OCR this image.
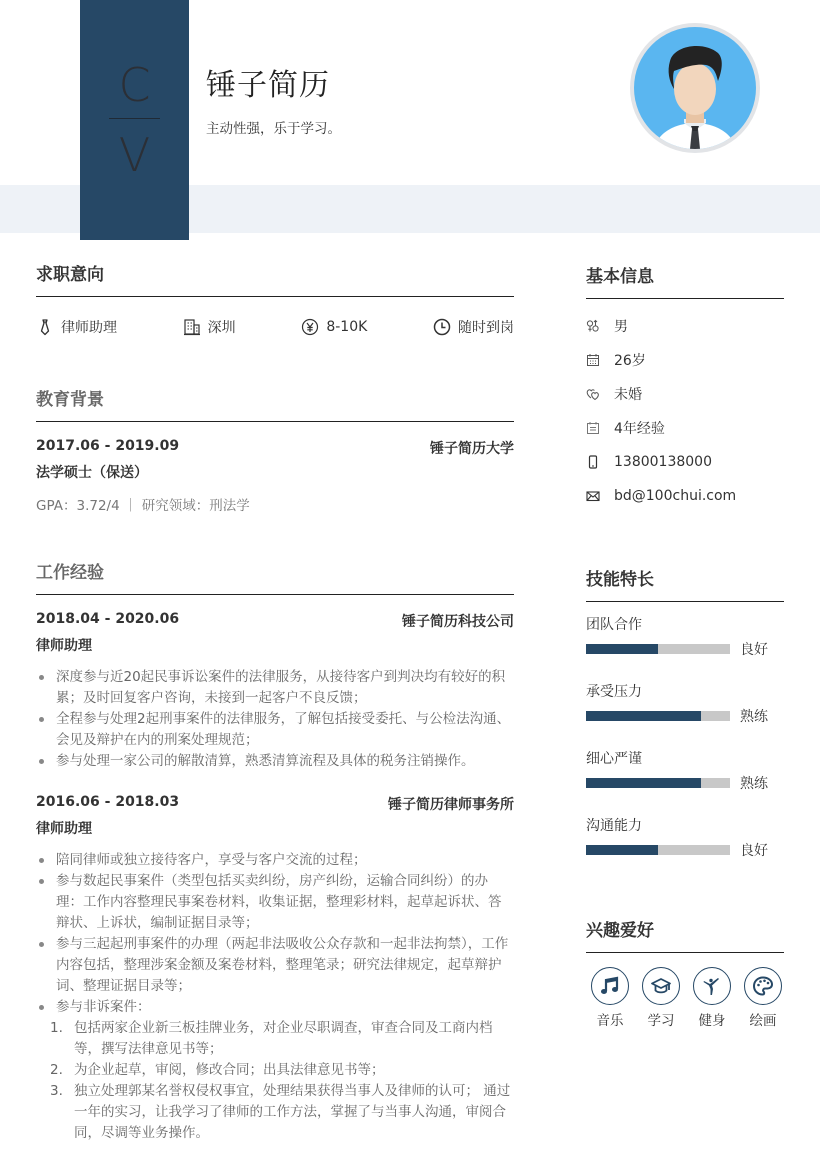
C
V
锤子简历
主动性强，乐于学习。
求职意向
律师助理	深圳	8-10K	随时到岗
教育背景
2017.06 - 2019.09	锤子简历大学
法学硕士（保送）
GPA：3.72/4 ｜ 研究领域：刑法学
工作经验
2018.04 - 2020.06	锤子简历科技公司
律师助理
深度参与近20起民事诉讼案件的法律服务，从接待客户到判决均有较好的积累；及时回复客户咨询，未接到一起客户不良反馈；
全程参与处理2起刑事案件的法律服务，了解包括接受委托、与公检法沟通、会见及辩护在内的刑案处理规范；
参与处理一家公司的解散清算，熟悉清算流程及具体的税务注销操作。
2016.06 - 2018.03	锤子简历律师事务所
律师助理
陪同律师或独立接待客户，享受与客户交流的过程；
参与数起民事案件（类型包括买卖纠纷，房产纠纷，运输合同纠纷）的办理：工作内容整理民事案卷材料，收集证据，整理彩材料，起草起诉状、答辩状、上诉状，编制证据目录等；
参与三起起刑事案件的办理（两起非法吸收公众存款和一起非法拘禁），工作内容包括，整理涉案金额及案卷材料，整理笔录；研究法律规定，起草辩护词、整理证据目录等；
参与非诉案件：
1. 包括两家企业新三板挂牌业务，对企业尽职调查，审查合同及工商内档等，撰写法律意见书等；
2. 为企业起草，审阅，修改合同；出具法律意见书等；
3. 独立处理郭某名誉权侵权事宜，处理结果获得当事人及律师的认可； 通过一年的实习，让我学习了律师的工作方法，掌握了与当事人沟通，审阅合同，尽调等业务操作。
基本信息
男
26岁
未婚
4年经验
13800138000
bd@100chui.com
技能特长
团队合作
良好
承受压力
熟练
细心严谨
熟练
沟通能力
良好
兴趣爱好
音乐 学习 健身 绘画
